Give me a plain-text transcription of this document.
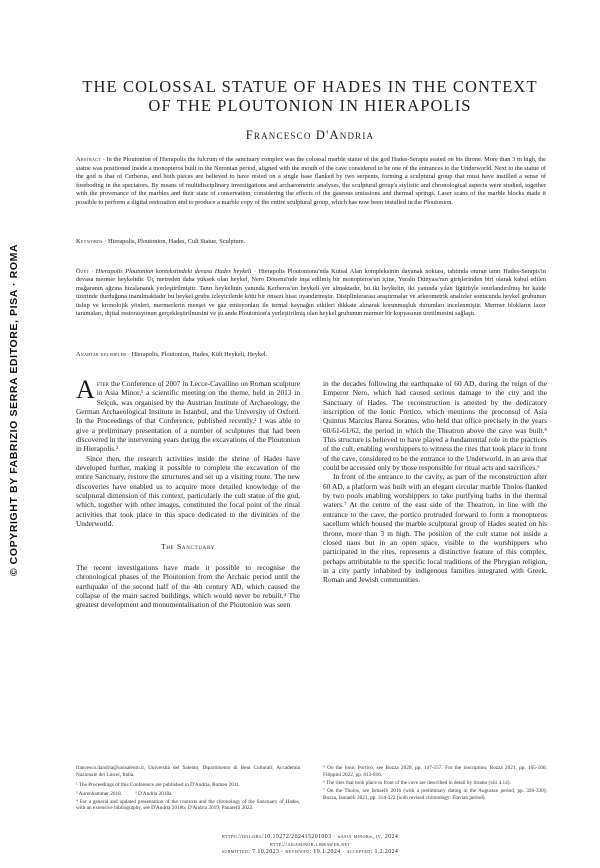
© COPYRIGHT BY FABRIZIO SERRA EDITORE, PISA · ROMA
THE COLOSSAL STATUE OF HADES IN THE CONTEXT
OF THE PLOUTONION IN HIERAPOLIS
Francesco D'Andria
Abstract · In the Ploutonion of Hierapolis the fulcrum of the sanctuary complex was the colossal marble statue of the god Hades-Serapis seated on his throne. More than 3 m high, the statue was positioned inside a monopteros built in the Neronian period, aligned with the mouth of the cave considered to be one of the entrances to the Underworld. Next to the statue of the god is that of Cerberus, and both pieces are believed to have rested on a single base flanked by two serpents, forming a sculptural group that must have instilled a sense of foreboding in the spectators. By means of multidisciplinary investigations and archaeometric analyses, the sculptural group's stylistic and chronological aspects were studied, together with the provenance of the marbles and their state of conservation, considering the effects of the gaseous emissions and thermal springs. Laser scans of the marble blocks made it possible to perform a digital restoration and to produce a marble copy of the entire sculptural group, which has now been installed in the Ploutonion.
Keywords · Hierapolis, Ploutonion, Hades, Cult Statue, Sculpture.
Özet · Hierapolis Ploutonion kontekstindeki devasa Hades heykeli · Hierapolis Ploutonionu'nda Kutsal Alan kompleksinin dayanak noktası, tahtında oturan tanrı Hades-Serapis'in devasa mermer heykelidir. Üç metreden daha yüksek olan heykel, Nero Dönemi'nde inşa edilmiş bir monopteros'un içine, Yeraltı Dünyası'nın girişlerinden biri olarak kabul edilen mağaranın ağzına hizalanarak yerleştirilmiştir. Tanrı heykelinin yanında Kerberos'un heykeli yer almaktadır, bu iki heykelin, iki yanında yılan figürüyle sınırlandırılmış bir kaide üzerinde durduğuna inanılmaktadır bu heykel grubu izleyicilerde kötü bir önsezi hissi uyandırmıştır. Disiplinlerarası araştırmalar ve arkeometrik analizler sonucunda heykel grubunun üslup ve kronolojik yönleri, mermerlerin menşei ve gaz emisyonları ile termal kaynağın etkileri dikkate alınarak korunmuşluk durumları incelenmiştir. Mermer blokların lazer taramaları, dijital restorasyonun gerçekleştirilmesini ve şu anda Ploutonion'a yerleştirilmiş olan heykel grubunun mermer bir kopyasının üretilmesini sağlaştı.
Anahtar kelimeler · Hierapolis, Ploutonion, Hades, Kült Heykeli, Heykel.

After the Conference of 2007 in Lecce-Cavallino on Roman sculpture in Asia Minor,¹ a scientific meeting on the theme, held in 2013 in Selçuk, was organised by the Austrian Institute of Archaeology, the German Archaeological Institute in Istanbul, and the University of Oxford. In the Proceedings of that Conference, published recently,² I was able to give a preliminary presentation of a number of sculptures that had been discovered in the intervening years during the excavations of the Ploutonion in Hierapolis.³

Since then, the research activities inside the shrine of Hades have developed further, making it possible to complete the excavation of the entire Sanctuary, restore the structures and set up a visiting route. The new discoveries have enabled us to acquire more detailed knowledge of the sculptural dimension of this context, particularly the cult statue of the god, which, together with other images, constituted the focal point of the ritual activities that took place in this space dedicated to the divinities of the Underworld.

The Sanctuary

The recent investigations have made it possible to recognise the chronological phases of the Ploutonion from the Archaic period until the earthquake of the second half of the 4th century AD, which caused the collapse of the main sacred buildings, which would never be rebuilt.⁴ The greatest development and monumentalisation of the Ploutonion was seen

in the decades following the earthquake of 60 AD, during the reign of the Emperor Nero, which had caused serious damage to the city and the Sanctuary of Hades. The reconstruction is attested by the dedicatory inscription of the Ionic Portico, which mentions the proconsul of Asia Quintus Marcius Barea Soranus, who held that office precisely in the years 60/61-61/62, the period in which the Theatron above the cave was built.⁵ This structure is believed to have played a fundamental role in the practices of the cult, enabling worshippers to witness the rites that took place in front of the cave, considered to be the entrance to the Underworld, in an area that could be accessed only by those responsible for ritual acts and sacrifices.⁶

In front of the entrance to the cavity, as part of the reconstruction after 60 AD, a platform was built with an elegant circular marble Tholos flanked by two pools enabling worshippers to take purifying baths in the thermal waters.⁷ At the centre of the east side of the Theatron, in line with the entrance to the cave, the portico protruded forward to form a monopteros sacellum which housed the marble sculptural group of Hades seated on his throne, more than 3 m high. The position of the cult statue not inside a closed naos but in an open space, visible to the worshippers who participated in the rites, represents a distinctive feature of this complex, perhaps attributable to the specific local traditions of the Phrygian religion, in a city partly inhabited by indigenous families integrated with Greek, Roman and Jewish communities.

francesco.dandria@unisalento.it, Università del Salento, Dipartimento di Beni Culturali; Accademia Nazionale dei Lincei, Italia.

¹ The Proceedings of this Conference are published in D'Andria, Romeo 2011.

² Aurenhammer 2018.          ³ D'Andria 2018a.

⁴ For a general and updated presentation of the contexts and the chronology of the Sanctuary of Hades, with an extensive bibliography, see D'Andria 2018b; D'Andria 2019; Panarelli 2022.

⁵ On the Ionic Portico, see Bozza 2020, pp. 147-157. For the inscription, Bozza 2021, pp. 165-166; Filippini 2022, pp. 813-816.

⁶ The rites that took place in front of the cave are described in detail by Strabo (xiii 4.14).

⁷ On the Tholos, see Ismaelli 2016 (with a preliminary dating in the Augustan period, pp. 326-330); Bozza, Ismaelli 2021, pp. 314-322 (with revised chronology: Flavian period).

https://doi.org/10.19272/202415201003 · «asia minor», iv, 2024
http://asiaminor.libraweb.net
submitted: 7.10.2023 · reviewed: 19.1.2024 · accepted: 1.2.2024
